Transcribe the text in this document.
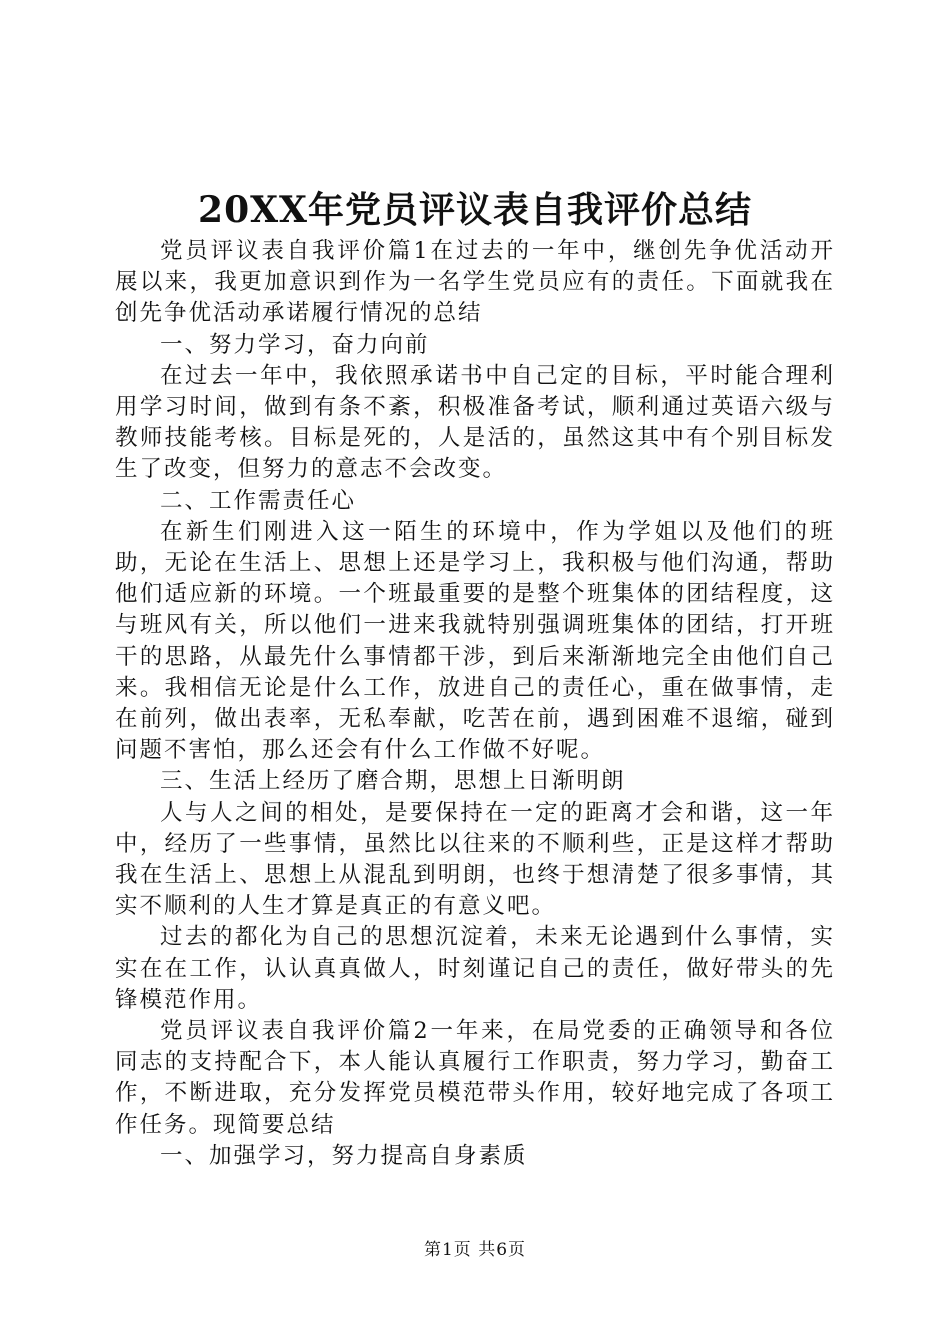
20XX年党员评议表自我评价总结

党员评议表自我评价篇1在过去的一年中，继创先争优活动开展以来，我更加意识到作为一名学生党员应有的责任。下面就我在创先争优活动承诺履行情况的总结

一、努力学习，奋力向前

在过去一年中，我依照承诺书中自己定的目标，平时能合理利用学习时间，做到有条不紊，积极准备考试，顺利通过英语六级与教师技能考核。目标是死的，人是活的，虽然这其中有个别目标发生了改变，但努力的意志不会改变。

二、工作需责任心

在新生们刚进入这一陌生的环境中，作为学姐以及他们的班助，无论在生活上、思想上还是学习上，我积极与他们沟通，帮助他们适应新的环境。一个班最重要的是整个班集体的团结程度，这与班风有关，所以他们一进来我就特别强调班集体的团结，打开班干的思路，从最先什么事情都干涉，到后来渐渐地完全由他们自己来。我相信无论是什么工作，放进自己的责任心，重在做事情，走在前列，做出表率，无私奉献，吃苦在前，遇到困难不退缩，碰到问题不害怕，那么还会有什么工作做不好呢。

三、生活上经历了磨合期，思想上日渐明朗

人与人之间的相处，是要保持在一定的距离才会和谐，这一年中，经历了一些事情，虽然比以往来的不顺利些，正是这样才帮助我在生活上、思想上从混乱到明朗，也终于想清楚了很多事情，其实不顺利的人生才算是真正的有意义吧。

过去的都化为自己的思想沉淀着，未来无论遇到什么事情，实实在在工作，认认真真做人，时刻谨记自己的责任，做好带头的先锋模范作用。

党员评议表自我评价篇2一年来，在局党委的正确领导和各位同志的支持配合下，本人能认真履行工作职责，努力学习，勤奋工作，不断进取，充分发挥党员模范带头作用，较好地完成了各项工作任务。现简要总结

一、加强学习，努力提高自身素质

第1页 共6页
